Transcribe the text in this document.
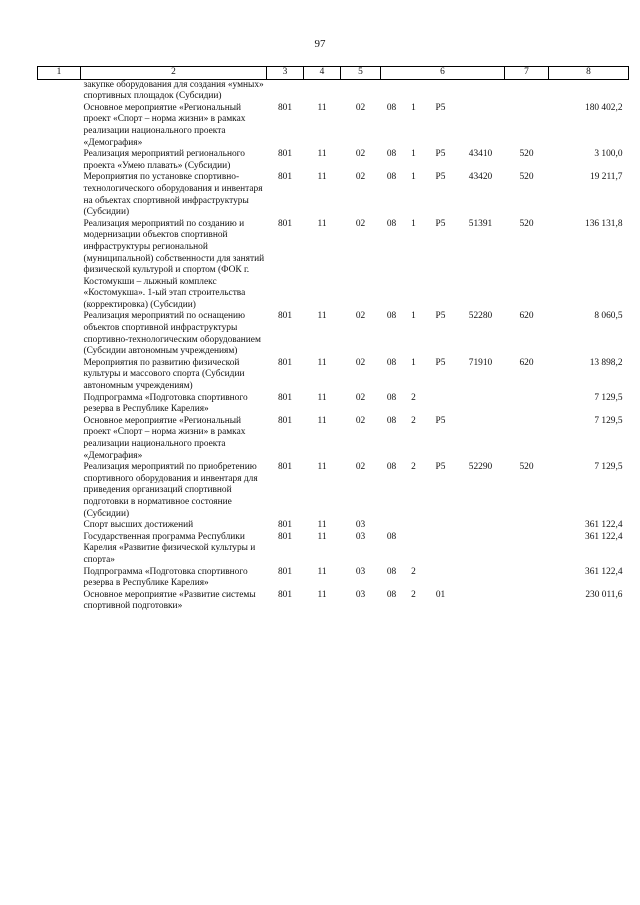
97
1	2	3	4	5	6				7	8
	закупке оборудования для создания «умных» спортивных площадок (Субсидии)									
	Основное мероприятие «Региональный проект «Спорт – норма жизни» в рамках реализации национального проекта «Демография»	801	11	02	08	1	P5			180 402,2
	Реализация мероприятий регионального проекта «Умею плавать» (Субсидии)	801	11	02	08	1	P5	43410	520	3 100,0
	Мероприятия по установке спортивно-технологического оборудования и инвентаря на объектах спортивной инфраструктуры (Субсидии)	801	11	02	08	1	P5	43420	520	19 211,7
	Реализация мероприятий по созданию и модернизации объектов спортивной инфраструктуры региональной (муниципальной) собственности для занятий физической культурой и спортом (ФОК г. Костомукши – лыжный комплекс «Костомукша». 1-ый этап строительства (корректировка) (Субсидии)	801	11	02	08	1	P5	51391	520	136 131,8
	Реализация мероприятий по оснащению объектов спортивной инфраструктуры спортивно-технологическим оборудованием (Субсидии автономным учреждениям)	801	11	02	08	1	P5	52280	620	8 060,5
	Мероприятия по развитию физической культуры и массового спорта (Субсидии автономным учреждениям)	801	11	02	08	1	P5	71910	620	13 898,2
	Подпрограмма «Подготовка спортивного резерва в Республике Карелия»	801	11	02	08	2				7 129,5
	Основное мероприятие «Региональный проект «Спорт – норма жизни» в рамках реализации национального проекта «Демография»	801	11	02	08	2	P5			7 129,5
	Реализация мероприятий по приобретению спортивного оборудования и инвентаря для приведения организаций спортивной подготовки в нормативное состояние (Субсидии)	801	11	02	08	2	P5	52290	520	7 129,5
	Спорт высших достижений	801	11	03						361 122,4
	Государственная программа Республики Карелия «Развитие физической культуры и спорта»	801	11	03	08					361 122,4
	Подпрограмма «Подготовка спортивного резерва в Республике Карелия»	801	11	03	08	2				361 122,4
	Основное мероприятие «Развитие системы спортивной подготовки»	801	11	03	08	2	01			230 011,6
